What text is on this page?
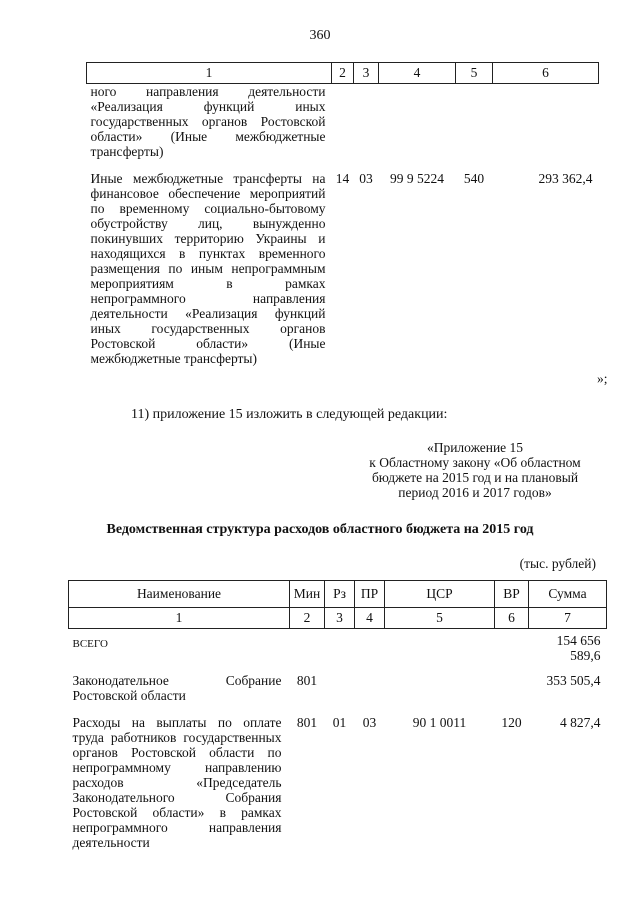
360
1	2	3	4	5	6
ного направления деятельности «Реализация функций иных государственных органов Ростовской области» (Иные межбюджетные трансферты)					
Иные межбюджетные трансферты на финансовое обеспечение мероприятий по временному социально-бытовому обустройству лиц, вынужденно покинувших территорию Украины и находящихся в пунктах временного размещения по иным непрограммным мероприятиям в рамках непрограммного направления деятельности «Реализация функций иных государственных органов Ростовской области» (Иные межбюджетные трансферты)	14	03	99 9 5224	540	293 362,4
»;
11) приложение 15 изложить в следующей редакции:
«Приложение 15
к Областному закону «Об областном
бюджете на 2015 год и на плановый
период 2016 и 2017 годов»
Ведомственная структура расходов областного бюджета на 2015 год
(тыс. рублей)
Наименование	Мин	Рз	ПР	ЦСР	ВР	Сумма
1	2	3	4	5	6	7
ВСЕГО						154 656 589,6
Законодательное Собрание Ростовской области	801					353 505,4
Расходы на выплаты по оплате труда работников государственных органов Ростовской области по непрограммному направлению расходов «Председатель Законодательного Собрания Ростовской области» в рамках непрограммного направления деятельности	801	01	03	90 1 0011	120	4 827,4
